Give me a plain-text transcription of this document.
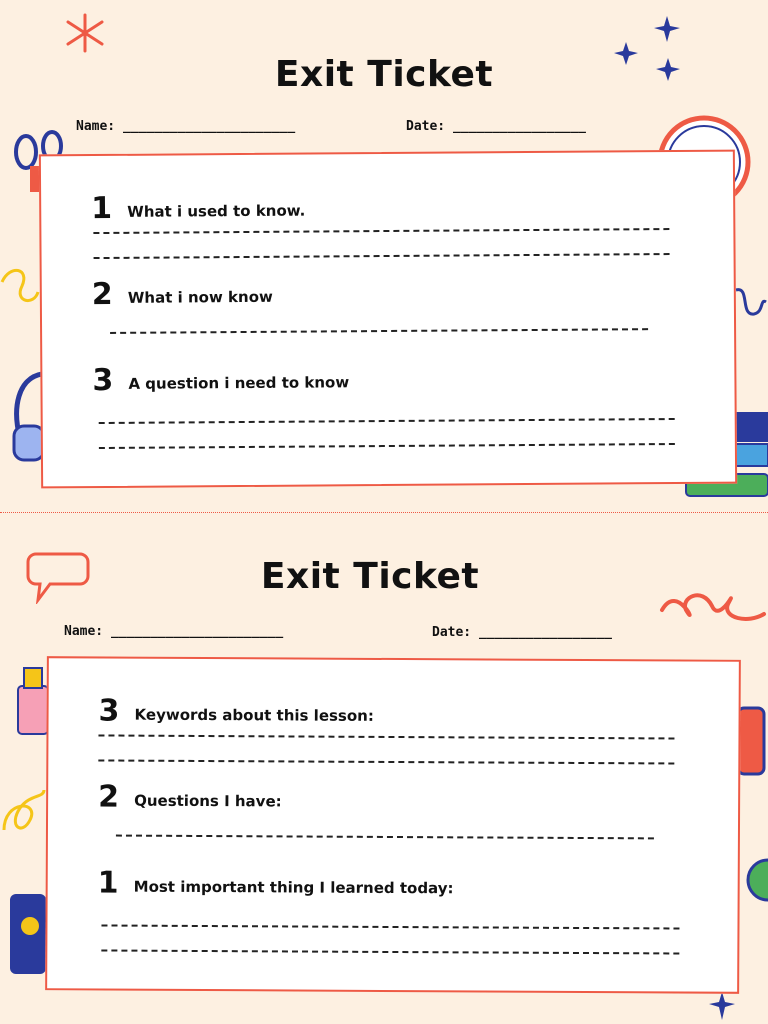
Exit Ticket
Name: ______________________	Date: _________________
1 What i used to know.
2 What i now know
3 A question i need to know
Exit Ticket
Name: ______________________	Date: _________________
3 Keywords about this lesson:
2 Questions I have:
1 Most important thing I learned today:
